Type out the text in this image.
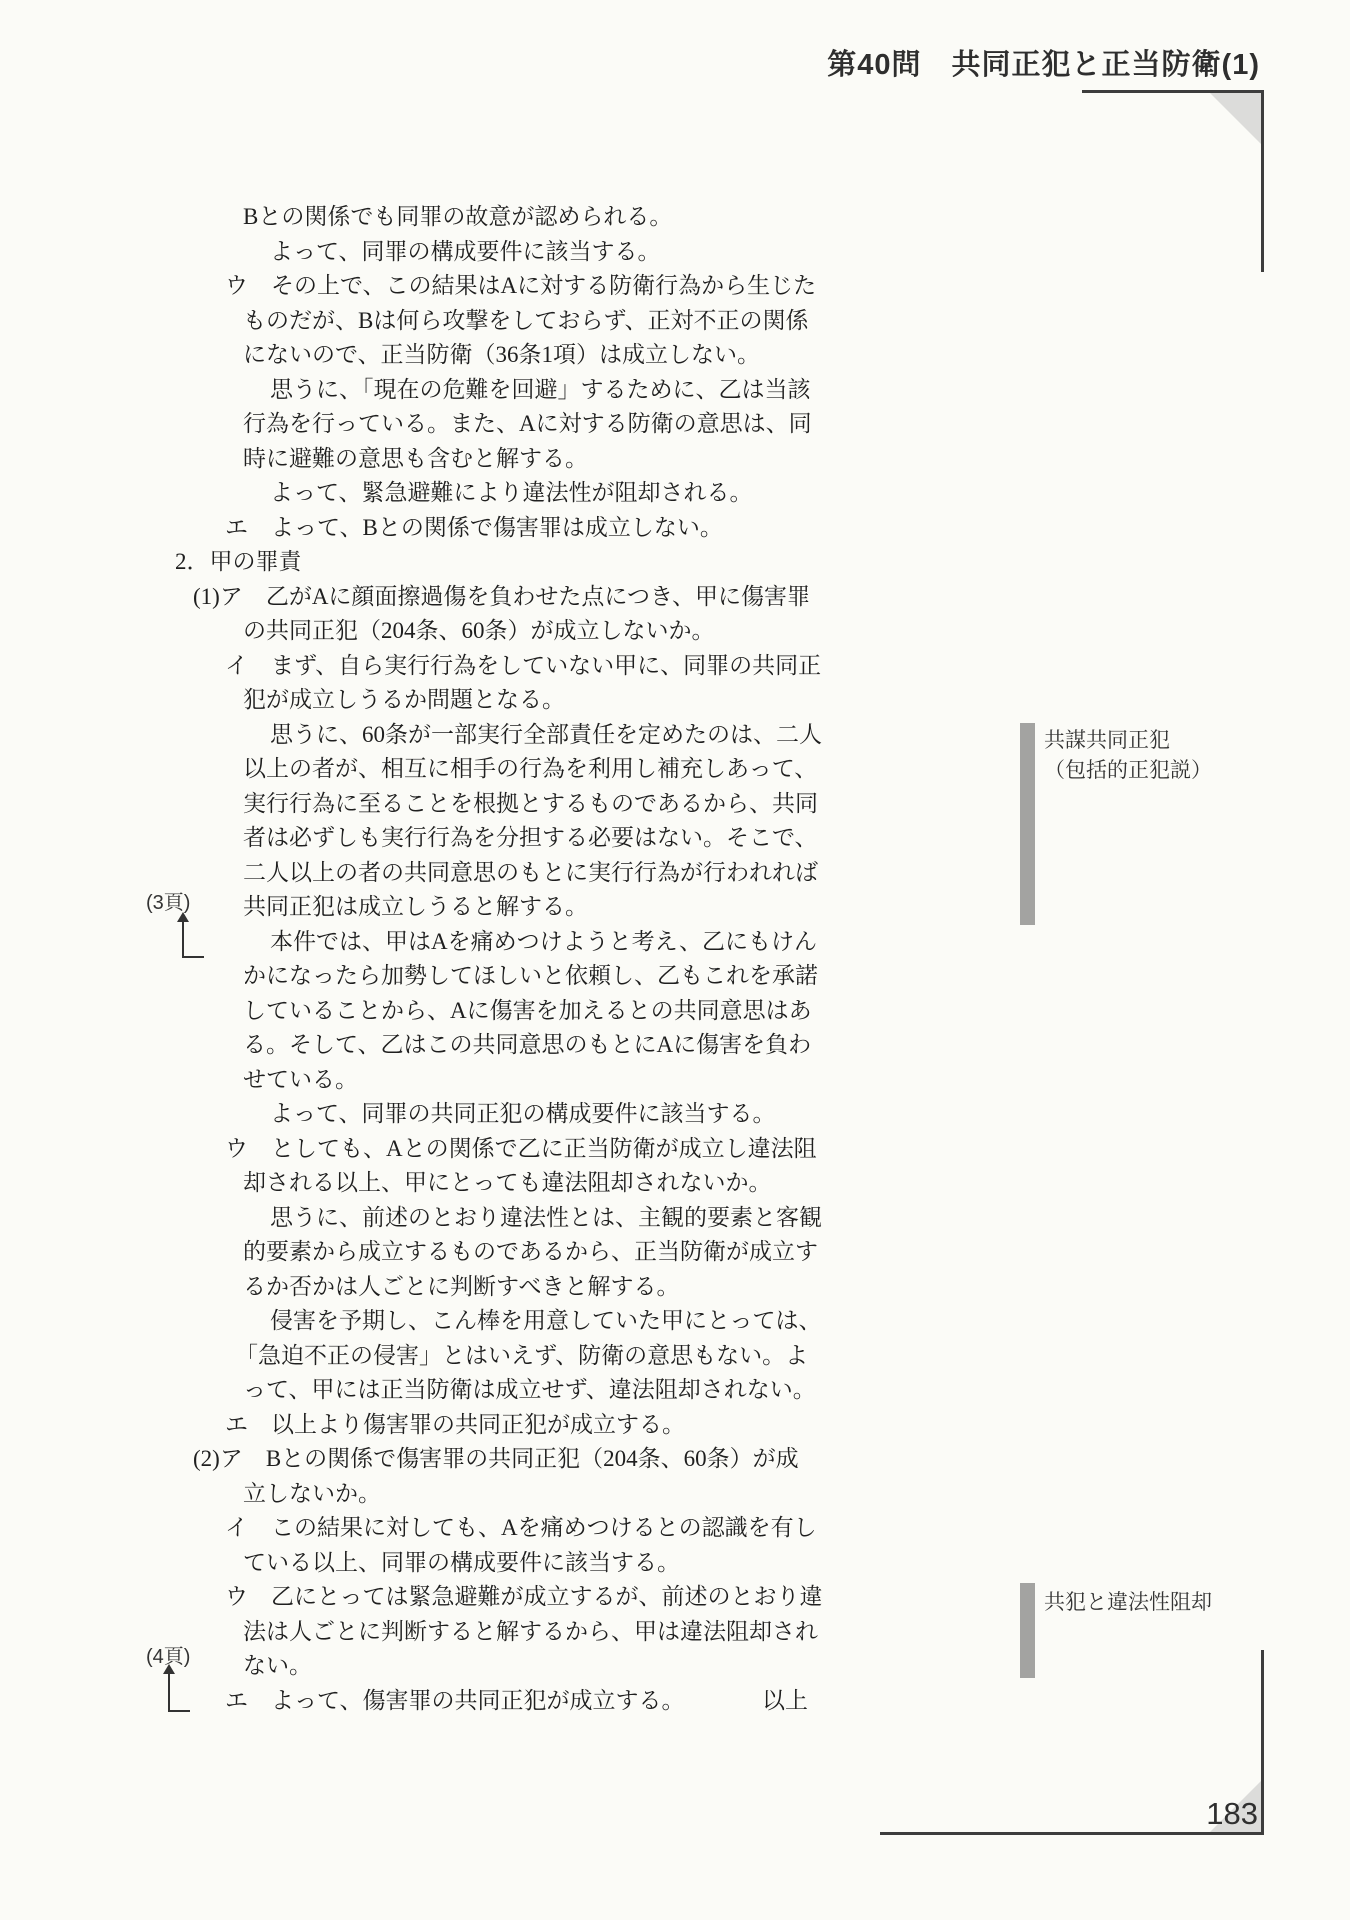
第40問　共同正犯と正当防衛(1)
Bとの関係でも同罪の故意が認められる。
よって、同罪の構成要件に該当する。
ウ　その上で、この結果はAに対する防衛行為から生じた
ものだが、Bは何ら攻撃をしておらず、正対不正の関係
にないので、正当防衛（36条1項）は成立しない。
思うに、「現在の危難を回避」するために、乙は当該
行為を行っている。また、Aに対する防衛の意思は、同
時に避難の意思も含むと解する。
よって、緊急避難により違法性が阻却される。
エ　よって、Bとの関係で傷害罪は成立しない。
2．甲の罪責
(1)ア　乙がAに顔面擦過傷を負わせた点につき、甲に傷害罪
の共同正犯（204条、60条）が成立しないか。
イ　まず、自ら実行行為をしていない甲に、同罪の共同正
犯が成立しうるか問題となる。
思うに、60条が一部実行全部責任を定めたのは、二人
以上の者が、相互に相手の行為を利用し補充しあって、
実行行為に至ることを根拠とするものであるから、共同
者は必ずしも実行行為を分担する必要はない。そこで、
二人以上の者の共同意思のもとに実行行為が行われれば
共同正犯は成立しうると解する。
本件では、甲はAを痛めつけようと考え、乙にもけん
かになったら加勢してほしいと依頼し、乙もこれを承諾
していることから、Aに傷害を加えるとの共同意思はあ
る。そして、乙はこの共同意思のもとにAに傷害を負わ
せている。
よって、同罪の共同正犯の構成要件に該当する。
ウ　としても、Aとの関係で乙に正当防衛が成立し違法阻
却される以上、甲にとっても違法阻却されないか。
思うに、前述のとおり違法性とは、主観的要素と客観
的要素から成立するものであるから、正当防衛が成立す
るか否かは人ごとに判断すべきと解する。
侵害を予期し、こん棒を用意していた甲にとっては、
「急迫不正の侵害」とはいえず、防衛の意思もない。よ
って、甲には正当防衛は成立せず、違法阻却されない。
エ　以上より傷害罪の共同正犯が成立する。
(2)ア　Bとの関係で傷害罪の共同正犯（204条、60条）が成
立しないか。
イ　この結果に対しても、Aを痛めつけるとの認識を有し
ている以上、同罪の構成要件に該当する。
ウ　乙にとっては緊急避難が成立するが、前述のとおり違
法は人ごとに判断すると解するから、甲は違法阻却され
ない。
エ　よって、傷害罪の共同正犯が成立する。	以上
共謀共同正犯
（包括的正犯説）
共犯と違法性阻却
(3頁)
(4頁)
183
